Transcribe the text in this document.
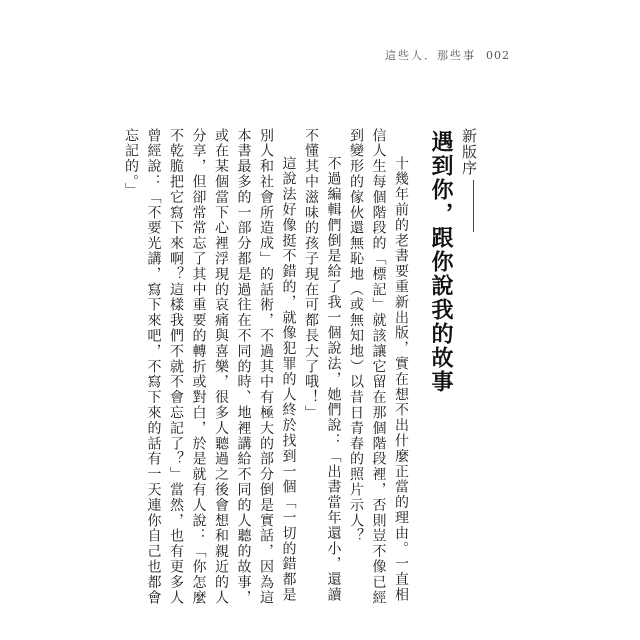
這些人．那些事 002
新版序
遇到你，跟你說我的故事

十幾年前的老書要重新出版，實在想不出什麼正當的理由。一直相信人生每個階段的「標記」就該讓它留在那個階段裡，否則豈不像已經到變形的傢伙還無恥地（或無知地）以昔日青春的照片示人？

不過編輯們倒是給了我一個說法，她們說：「出書當年還小，還讀不懂其中滋味的孩子現在可都長大了哦！」

這說法好像挺不錯的，就像犯罪的人終於找到一個「一切的錯都是別人和社會所造成」的話術，不過其中有極大的部分倒是實話，因為這本書最多的一部分都是過往在不同的時、地裡講給不同的人聽的故事，或在某個當下心裡浮現的哀痛與喜樂，很多人聽過之後會想和親近的人分享，但卻常常忘了其中重要的轉折或對白，於是就有人說：「你怎麼不乾脆把它寫下來啊？這樣我們不就不會忘記了？」當然，也有更多人曾經說：「不要光講，寫下來吧，不寫下來的話有一天連你自己也都會忘記的。」
